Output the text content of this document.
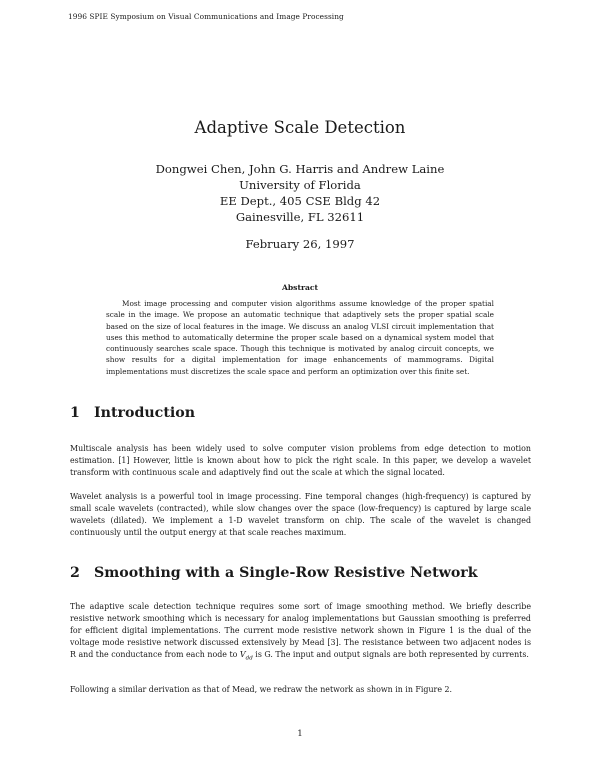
1996 SPIE Symposium on Visual Communications and Image Processing
Adaptive Scale Detection
Dongwei Chen, John G. Harris and Andrew Laine
University of Florida
EE Dept., 405 CSE Bldg 42
Gainesville, FL 32611
February 26, 1997
Abstract

Most image processing and computer vision algorithms assume knowledge of the proper spatial scale in the image. We propose an automatic technique that adaptively sets the proper spatial scale based on the size of local features in the image. We discuss an analog VLSI circuit implementation that uses this method to automatically determine the proper scale based on a dynamical system model that continuously searches scale space. Though this technique is motivated by analog circuit concepts, we show results for a digital implementation for image enhancements of mammograms. Digital implementations must discretizes the scale space and perform an optimization over this finite set.

1 Introduction

Multiscale analysis has been widely used to solve computer vision problems from edge detection to motion estimation. [1] However, little is known about how to pick the right scale. In this paper, we develop a wavelet transform with continuous scale and adaptively find out the scale at which the signal located.

Wavelet analysis is a powerful tool in image processing. Fine temporal changes (high-frequency) is captured by small scale wavelets (contracted), while slow changes over the space (low-frequency) is captured by large scale wavelets (dilated). We implement a 1-D wavelet transform on chip. The scale of the wavelet is changed continuously until the output energy at that scale reaches maximum.

2 Smoothing with a Single-Row Resistive Network

The adaptive scale detection technique requires some sort of image smoothing method. We briefly describe resistive network smoothing which is necessary for analog implementations but Gaussian smoothing is preferred for efficient digital implementations. The current mode resistive network shown in Figure 1 is the dual of the voltage mode resistive network discussed extensively by Mead [3]. The resistance between two adjacent nodes is R and the conductance from each node to $V_{dd}$ is G. The input and output signals are both represented by currents.

Following a similar derivation as that of Mead, we redraw the network as shown in in Figure 2.

1
